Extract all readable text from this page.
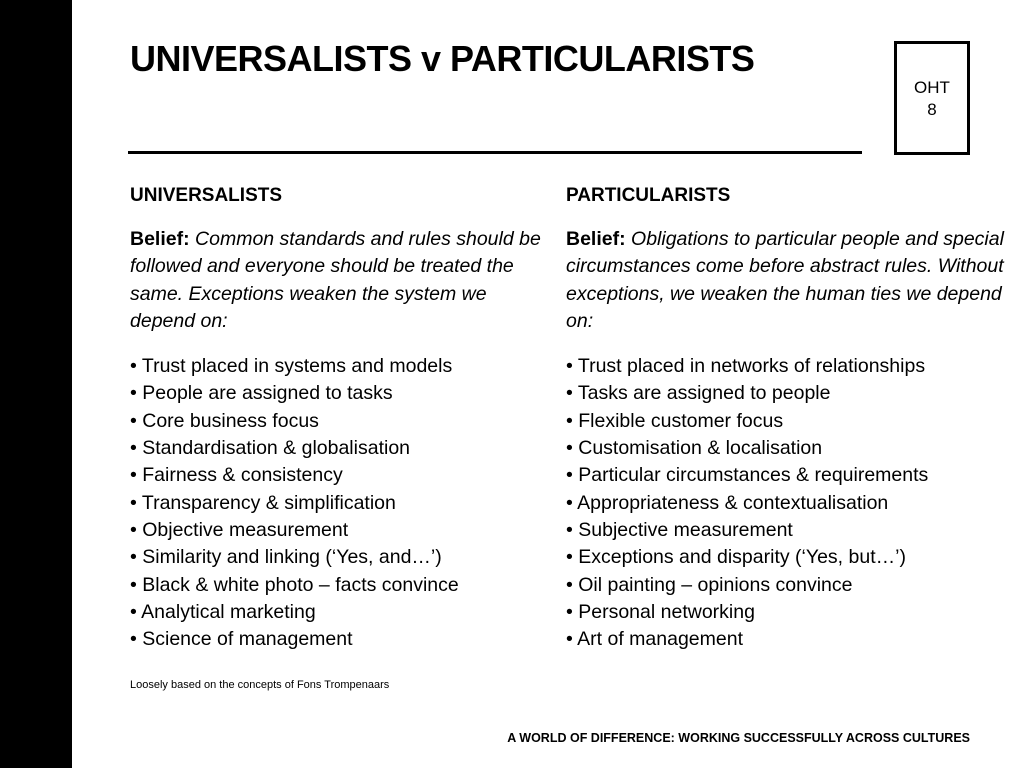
UNIVERSALISTS v PARTICULARISTS
OHT
8
UNIVERSALISTS

Belief: Common standards and rules should be followed and everyone should be treated the same. Exceptions weaken the system we depend on:

• Trust placed in systems and models
• People are assigned to tasks
• Core business focus
• Standardisation & globalisation
• Fairness & consistency
• Transparency & simplification
• Objective measurement
• Similarity and linking (‘Yes, and…’)
• Black & white photo – facts convince
• Analytical marketing
• Science of management
PARTICULARISTS

Belief: Obligations to particular people and special circumstances come before abstract rules. Without exceptions, we weaken the human ties we depend on:

• Trust placed in networks of relationships
• Tasks are assigned to people
• Flexible customer focus
• Customisation & localisation
• Particular circumstances & requirements
• Appropriateness & contextualisation
• Subjective measurement
• Exceptions and disparity (‘Yes, but…’)
• Oil painting – opinions convince
• Personal networking
• Art of management
Loosely based on the concepts of Fons Trompenaars
A WORLD OF DIFFERENCE: WORKING SUCCESSFULLY ACROSS CULTURES
